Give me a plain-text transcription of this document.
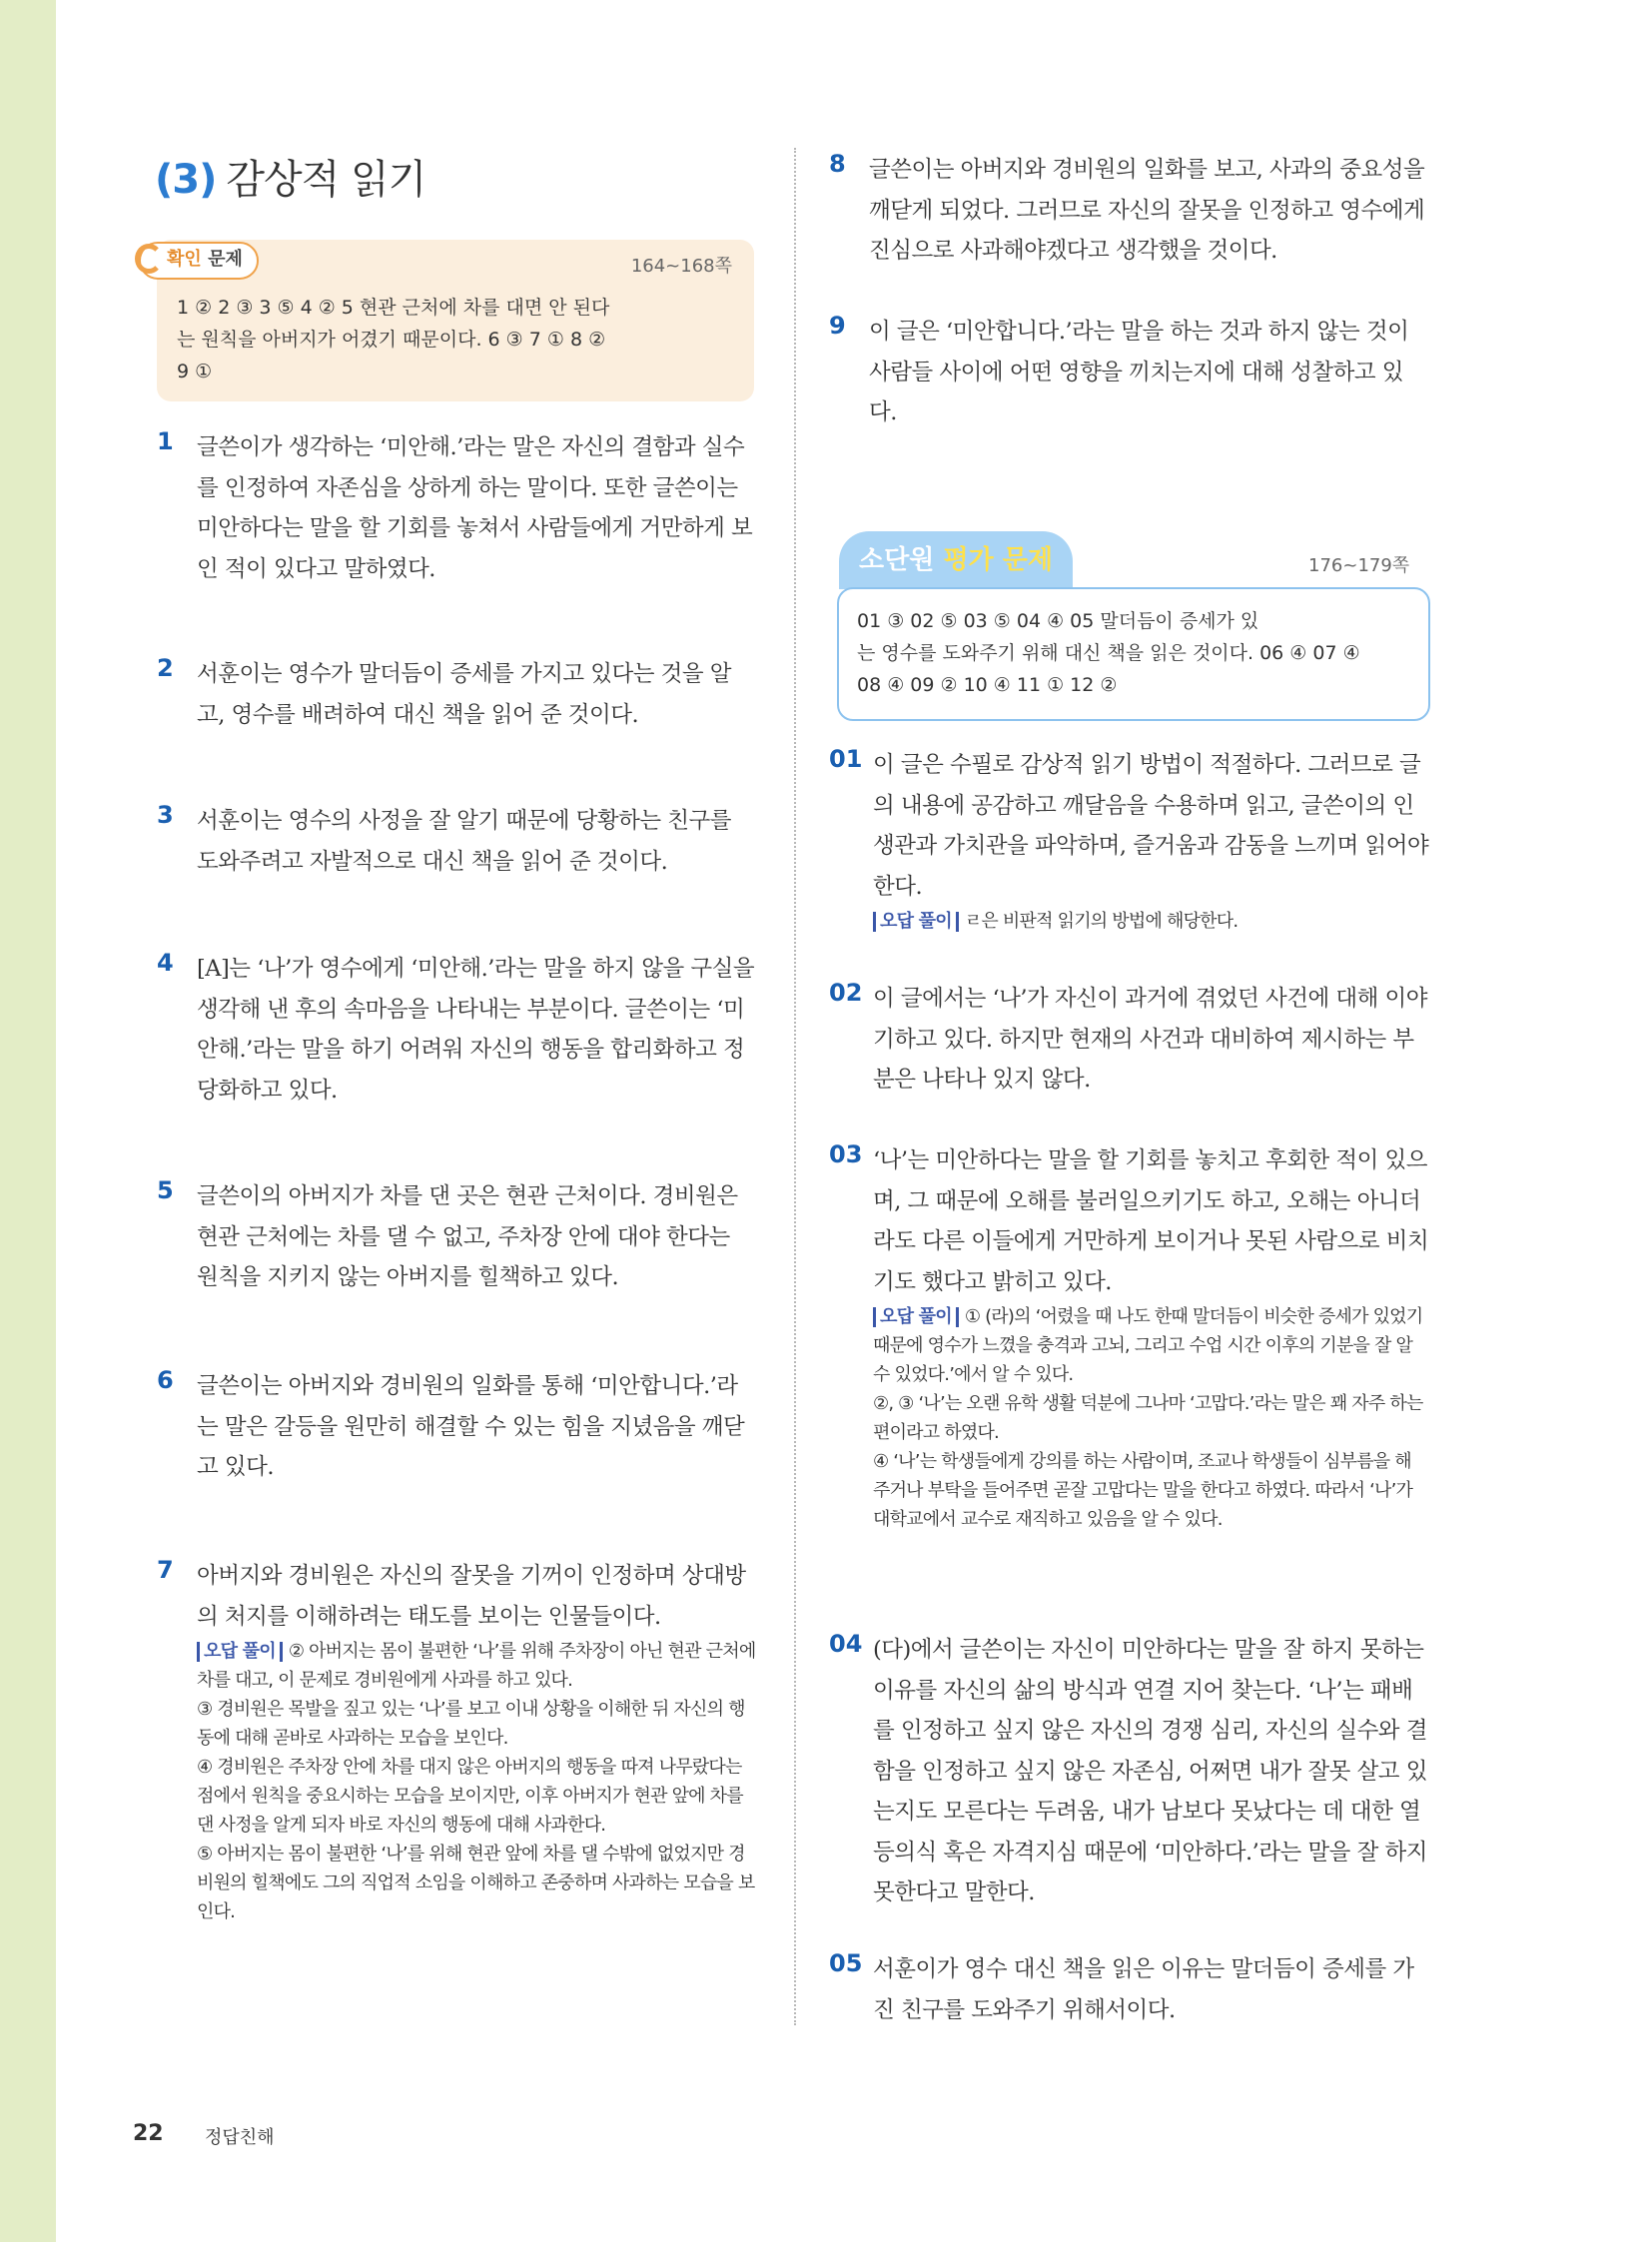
(3) 감상적 읽기
확인 문제	164~168쪽
1 ② 2 ③ 3 ⑤ 4 ② 5 현관 근처에 차를 대면 안 된다
는 원칙을 아버지가 어겼기 때문이다. 6 ③ 7 ① 8 ②
9 ①
1 글쓴이가 생각하는 ‘미안해.’라는 말은 자신의 결함과 실수를 인정하여 자존심을 상하게 하는 말이다. 또한 글쓴이는 미안하다는 말을 할 기회를 놓쳐서 사람들에게 거만하게 보인 적이 있다고 말하였다.
2 서훈이는 영수가 말더듬이 증세를 가지고 있다는 것을 알고, 영수를 배려하여 대신 책을 읽어 준 것이다.
3 서훈이는 영수의 사정을 잘 알기 때문에 당황하는 친구를 도와주려고 자발적으로 대신 책을 읽어 준 것이다.
4 [A]는 ‘나’가 영수에게 ‘미안해.’라는 말을 하지 않을 구실을 생각해 낸 후의 속마음을 나타내는 부분이다. 글쓴이는 ‘미안해.’라는 말을 하기 어려워 자신의 행동을 합리화하고 정당화하고 있다.
5 글쓴이의 아버지가 차를 댄 곳은 현관 근처이다. 경비원은 현관 근처에는 차를 댈 수 없고, 주차장 안에 대야 한다는 원칙을 지키지 않는 아버지를 힐책하고 있다.
6 글쓴이는 아버지와 경비원의 일화를 통해 ‘미안합니다.’라는 말은 갈등을 원만히 해결할 수 있는 힘을 지녔음을 깨닫고 있다.
7 아버지와 경비원은 자신의 잘못을 기꺼이 인정하며 상대방의 처지를 이해하려는 태도를 보이는 인물들이다.
오답 풀이 ② 아버지는 몸이 불편한 ‘나’를 위해 주차장이 아닌 현관 근처에 차를 대고, 이 문제로 경비원에게 사과를 하고 있다.
③ 경비원은 목발을 짚고 있는 ‘나’를 보고 이내 상황을 이해한 뒤 자신의 행동에 대해 곧바로 사과하는 모습을 보인다.
④ 경비원은 주차장 안에 차를 대지 않은 아버지의 행동을 따져 나무랐다는 점에서 원칙을 중요시하는 모습을 보이지만, 이후 아버지가 현관 앞에 차를 댄 사정을 알게 되자 바로 자신의 행동에 대해 사과한다.
⑤ 아버지는 몸이 불편한 ‘나’를 위해 현관 앞에 차를 댈 수밖에 없었지만 경비원의 힐책에도 그의 직업적 소임을 이해하고 존중하며 사과하는 모습을 보인다.
8 글쓴이는 아버지와 경비원의 일화를 보고, 사과의 중요성을 깨닫게 되었다. 그러므로 자신의 잘못을 인정하고 영수에게 진심으로 사과해야겠다고 생각했을 것이다.
9 이 글은 ‘미안합니다.’라는 말을 하는 것과 하지 않는 것이 사람들 사이에 어떤 영향을 끼치는지에 대해 성찰하고 있다.
소단원 평가 문제	176~179쪽
01 ③ 02 ⑤ 03 ⑤ 04 ④ 05 말더듬이 증세가 있
는 영수를 도와주기 위해 대신 책을 읽은 것이다. 06 ④ 07 ④
08 ④ 09 ② 10 ④ 11 ① 12 ②
01 이 글은 수필로 감상적 읽기 방법이 적절하다. 그러므로 글의 내용에 공감하고 깨달음을 수용하며 읽고, 글쓴이의 인생관과 가치관을 파악하며, 즐거움과 감동을 느끼며 읽어야 한다.
오답 풀이 ㄹ은 비판적 읽기의 방법에 해당한다.
02 이 글에서는 ‘나’가 자신이 과거에 겪었던 사건에 대해 이야기하고 있다. 하지만 현재의 사건과 대비하여 제시하는 부분은 나타나 있지 않다.
03 ‘나’는 미안하다는 말을 할 기회를 놓치고 후회한 적이 있으며, 그 때문에 오해를 불러일으키기도 하고, 오해는 아니더라도 다른 이들에게 거만하게 보이거나 못된 사람으로 비치기도 했다고 밝히고 있다.
오답 풀이 ① (라)의 ‘어렸을 때 나도 한때 말더듬이 비슷한 증세가 있었기 때문에 영수가 느꼈을 충격과 고뇌, 그리고 수업 시간 이후의 기분을 잘 알 수 있었다.’에서 알 수 있다.
②, ③ ‘나’는 오랜 유학 생활 덕분에 그나마 ‘고맙다.’라는 말은 꽤 자주 하는 편이라고 하였다.
④ ‘나’는 학생들에게 강의를 하는 사람이며, 조교나 학생들이 심부름을 해 주거나 부탁을 들어주면 곧잘 고맙다는 말을 한다고 하였다. 따라서 ‘나’가 대학교에서 교수로 재직하고 있음을 알 수 있다.
04 (다)에서 글쓴이는 자신이 미안하다는 말을 잘 하지 못하는 이유를 자신의 삶의 방식과 연결 지어 찾는다. ‘나’는 패배를 인정하고 싶지 않은 자신의 경쟁 심리, 자신의 실수와 결함을 인정하고 싶지 않은 자존심, 어쩌면 내가 잘못 살고 있는지도 모른다는 두려움, 내가 남보다 못났다는 데 대한 열등의식 혹은 자격지심 때문에 ‘미안하다.’라는 말을 잘 하지 못한다고 말한다.
05 서훈이가 영수 대신 책을 읽은 이유는 말더듬이 증세를 가진 친구를 도와주기 위해서이다.
22 정답친해
